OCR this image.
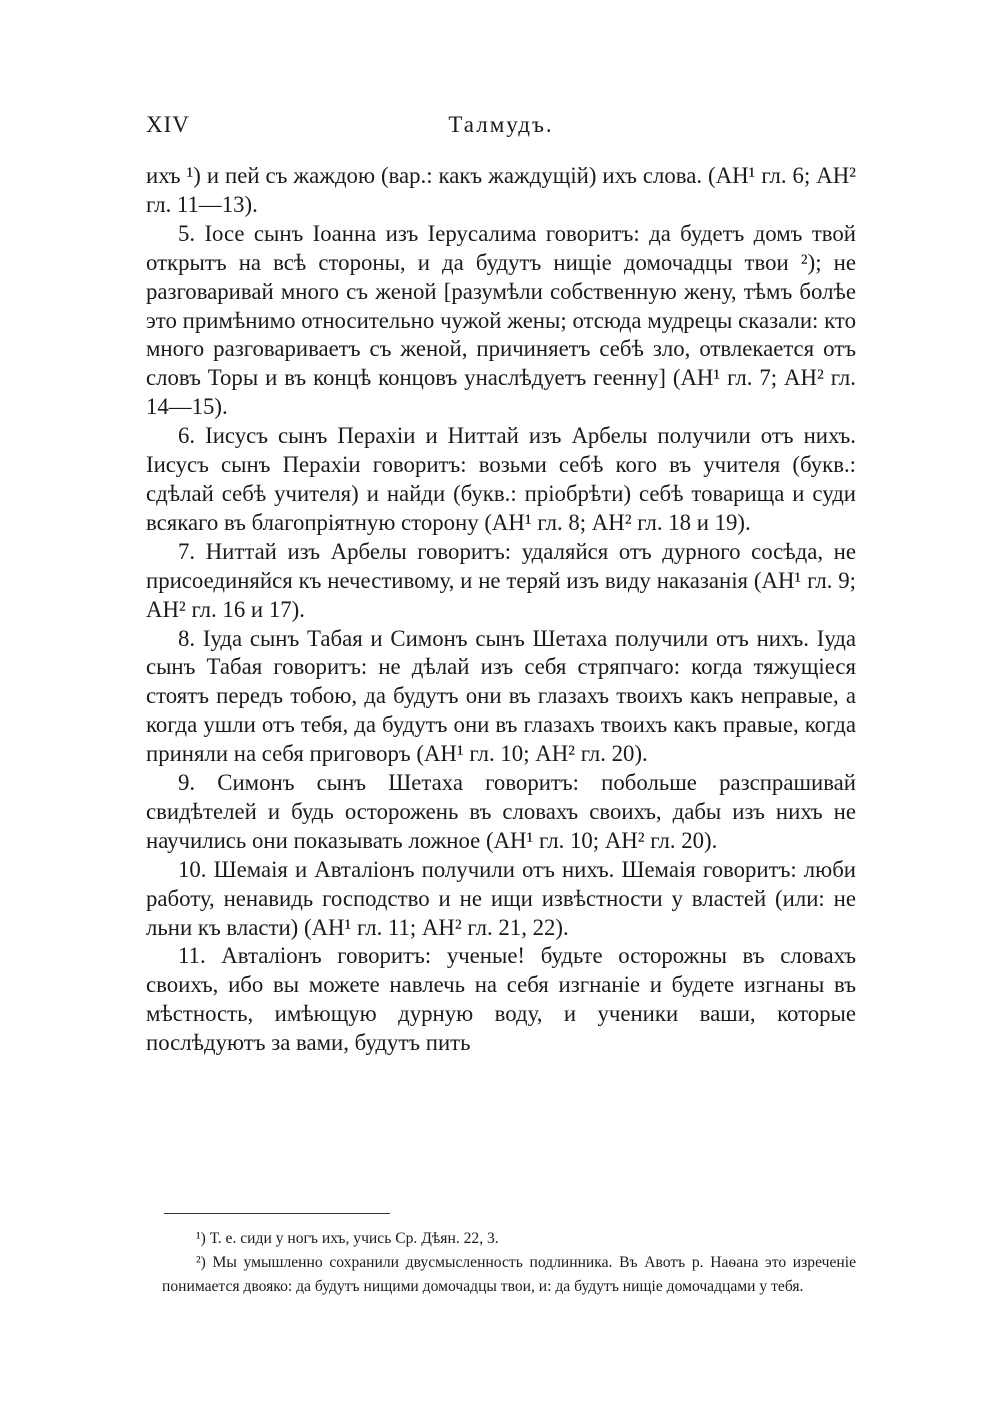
XIV	Талмудъ.

ихъ ¹) и пей съ жаждою (вар.: какъ жаждущій) ихъ слова. (АН¹ гл. 6; АН² гл. 11—13).

5. Іосе сынъ Іоанна изъ Іерусалима говоритъ: да будетъ домъ твой открытъ на всѣ стороны, и да будутъ нищіе домочадцы твои ²); не разговаривай много съ женой [разумѣли собственную жену, тѣмъ болѣе это примѣнимо относительно чужой жены; отсюда мудрецы сказали: кто много разговариваетъ съ женой, причиняетъ себѣ зло, отвлекается отъ словъ Торы и въ концѣ концовъ унаслѣдуетъ геенну] (АН¹ гл. 7; АН² гл. 14—15).

6. Іисусъ сынъ Перахіи и Ниттай изъ Арбелы получили отъ нихъ. Іисусъ сынъ Перахіи говоритъ: возьми себѣ кого въ учителя (букв.: сдѣлай себѣ учителя) и найди (букв.: пріобрѣти) себѣ товарища и суди всякаго въ благопріятную сторону (АН¹ гл. 8; АН² гл. 18 и 19).

7. Ниттай изъ Арбелы говоритъ: удаляйся отъ дурного сосѣда, не присоединяйся къ нечестивому, и не теряй изъ виду наказанія (АН¹ гл. 9; АН² гл. 16 и 17).

8. Іуда сынъ Табая и Симонъ сынъ Шетаха получили отъ нихъ. Іуда сынъ Табая говоритъ: не дѣлай изъ себя стряпчаго: когда тяжущіеся стоятъ передъ тобою, да будутъ они въ глазахъ твоихъ какъ неправые, а когда ушли отъ тебя, да будутъ они въ глазахъ твоихъ какъ правые, когда приняли на себя приговоръ (АН¹ гл. 10; АН² гл. 20).

9. Симонъ сынъ Шетаха говоритъ: побольше разспрашивай свидѣтелей и будь осторожень въ словахъ своихъ, дабы изъ нихъ не научились они показывать ложное (АН¹ гл. 10; АН² гл. 20).

10. Шемаія и Авталіонъ получили отъ нихъ. Шемаія говоритъ: люби работу, ненавидь господство и не ищи извѣстности у властей (или: не льни къ власти) (АН¹ гл. 11; АН² гл. 21, 22).

11. Авталіонъ говоритъ: ученые! будьте осторожны въ словахъ своихъ, ибо вы можете навлечь на себя изгнаніе и будете изгнаны въ мѣстность, имѣющую дурную воду, и ученики ваши, которые послѣдуютъ за вами, будутъ пить

¹) Т. е. сиди у ногъ ихъ, учись Ср. Дѣян. 22, 3.

²) Мы умышленно сохранили двусмысленность подлинника. Въ Авотъ р. Наѳана это изреченіе понимается двояко: да будутъ нищими домочадцы твои, и: да будутъ нищіе домочадцами у тебя.
